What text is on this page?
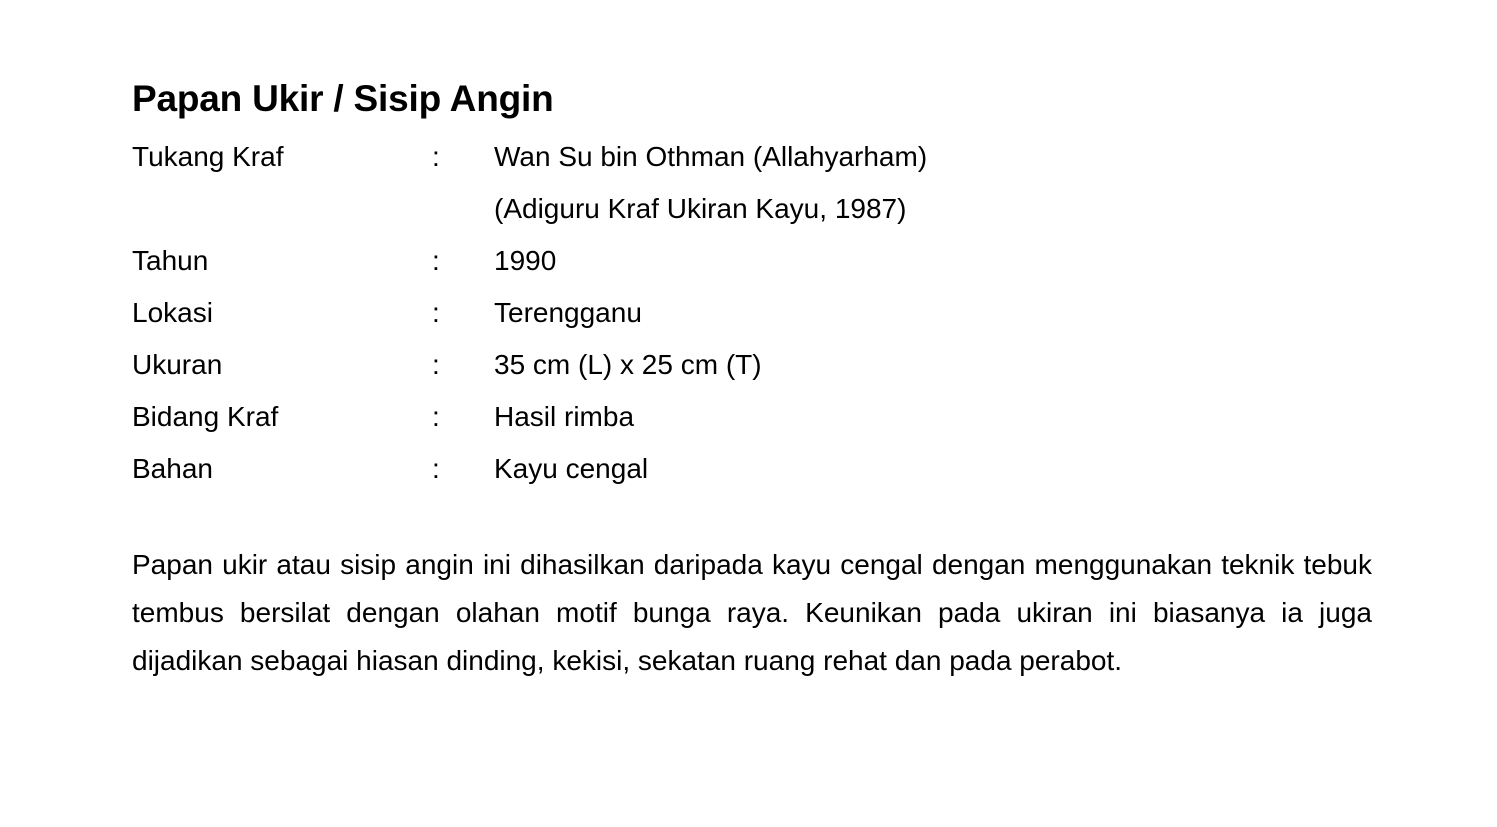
Papan Ukir / Sisip Angin
Tukang Kraf	:	Wan Su bin Othman (Allahyarham)
		(Adiguru Kraf Ukiran Kayu, 1987)
Tahun	:	1990
Lokasi	:	Terengganu
Ukuran	:	35 cm (L) x 25 cm (T)
Bidang Kraf	:	Hasil rimba
Bahan	:	Kayu cengal

Papan ukir atau sisip angin ini dihasilkan daripada kayu cengal dengan menggunakan teknik tebuk tembus bersilat dengan olahan motif bunga raya. Keunikan pada ukiran ini biasanya ia juga dijadikan sebagai hiasan dinding, kekisi, sekatan ruang rehat dan pada perabot.
